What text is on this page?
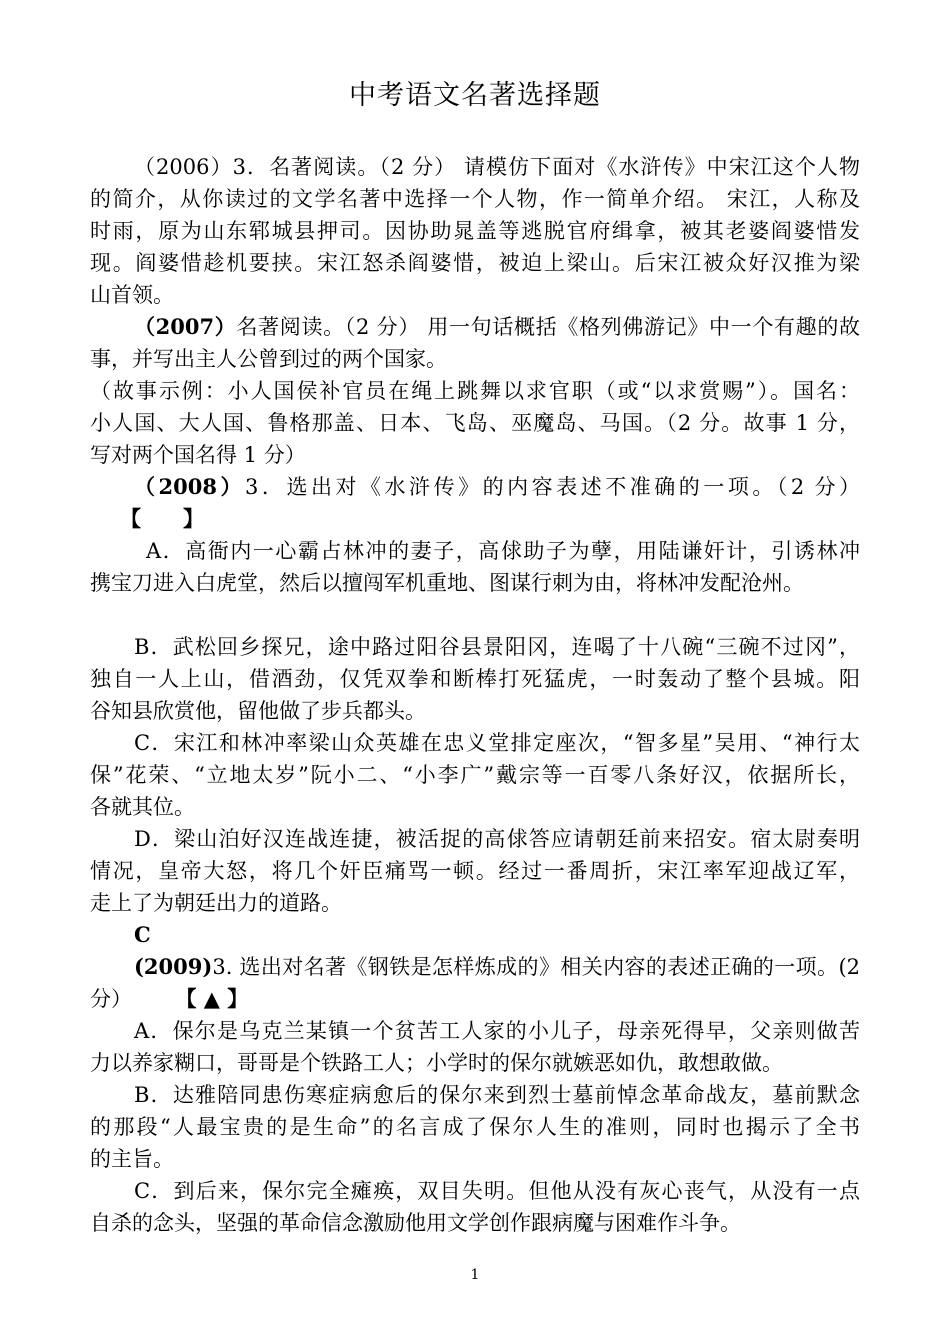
中考语文名著选择题
（2006）3．名著阅读。（2 分） 请模仿下面对《水浒传》中宋江这个人物
的简介，从你读过的文学名著中选择一个人物，作一简单介绍。 宋江，人称及
时雨，原为山东郓城县押司。因协助晁盖等逃脱官府缉拿，被其老婆阎婆惜发
现。阎婆惜趁机要挟。宋江怒杀阎婆惜，被迫上梁山。后宋江被众好汉推为梁
山首领。
（2007）名著阅读。（2 分） 用一句话概括《格列佛游记》中一个有趣的故
事，并写出主人公曾到过的两个国家。
（故事示例：小人国侯补官员在绳上跳舞以求官职（或“以求赏赐”）。国名：
小人国、大人国、鲁格那盖、日本、飞岛、巫魔岛、马国。（2 分。故事 1 分，
写对两个国名得 1 分）
（2008）3．选出对《水浒传》的内容表述不准确的一项。（2 分）
【　　】
A．高衙内一心霸占林冲的妻子，高俅助子为孽，用陆谦奸计，引诱林冲
携宝刀进入白虎堂，然后以擅闯军机重地、图谋行刺为由，将林冲发配沧州。
B．武松回乡探兄，途中路过阳谷县景阳冈，连喝了十八碗“三碗不过冈”，
独自一人上山，借酒劲，仅凭双拳和断棒打死猛虎，一时轰动了整个县城。阳
谷知县欣赏他，留他做了步兵都头。
C．宋江和林冲率梁山众英雄在忠义堂排定座次，“智多星”吴用、“神行太
保”花荣、“立地太岁”阮小二、“小李广”戴宗等一百零八条好汉，依据所长，
各就其位。
D．梁山泊好汉连战连捷，被活捉的高俅答应请朝廷前来招安。宿太尉奏明
情况，皇帝大怒，将几个奸臣痛骂一顿。经过一番周折，宋江率军迎战辽军，
走上了为朝廷出力的道路。
C
(2009)3. 选出对名著《钢铁是怎样炼成的》相关内容的表述正确的一项。(2
分）	【 ▲ 】
A．保尔是乌克兰某镇一个贫苦工人家的小儿子，母亲死得早，父亲则做苦
力以养家糊口，哥哥是个铁路工人；小学时的保尔就嫉恶如仇，敢想敢做。
B．达雅陪同患伤寒症病愈后的保尔来到烈士墓前悼念革命战友，墓前默念
的那段“人最宝贵的是生命”的名言成了保尔人生的准则，同时也揭示了全书
的主旨。
C．到后来，保尔完全瘫痪，双目失明。但他从没有灰心丧气，从没有一点
自杀的念头，坚强的革命信念激励他用文学创作跟病魔与困难作斗争。
1
